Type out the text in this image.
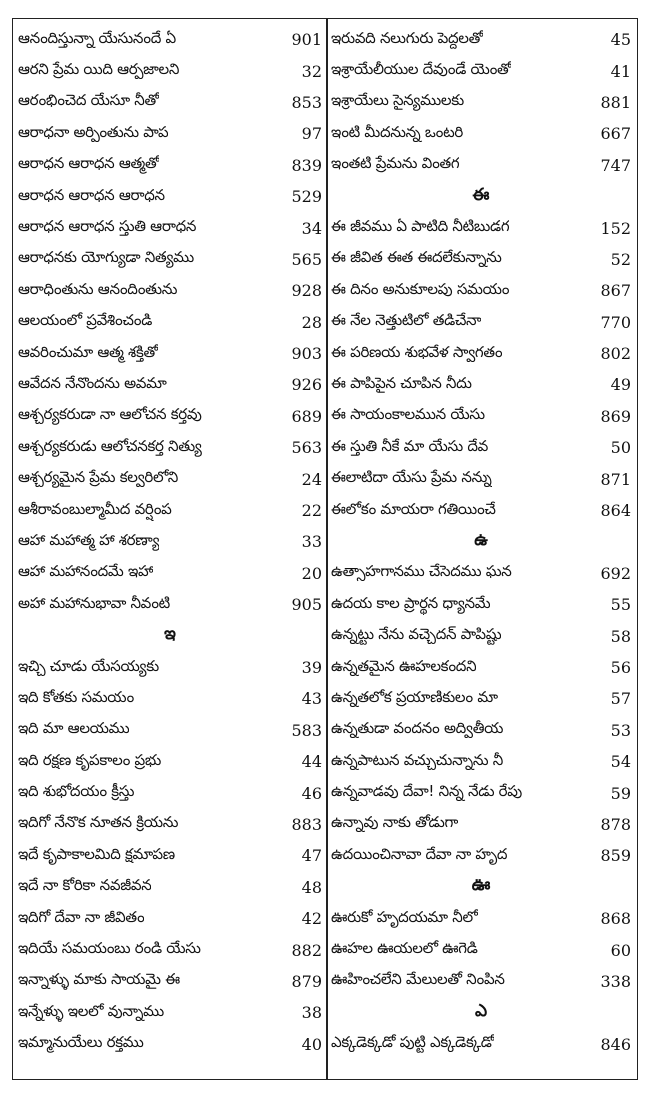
ఆనందిస్తున్నా యేసునందే ఏ	901
ఆరని ప్రేమ యిది ఆర్పజాలని	32
ఆరంభించెద యేసూ నీతో	853
ఆరాధనా అర్పింతును పాప	97
ఆరాధన ఆరాధన ఆత్మతో	839
ఆరాధన ఆరాధన ఆరాధన	529
ఆరాధన ఆరాధన స్తుతి ఆరాధన	34
ఆరాధనకు యోగ్యుడా నిత్యము	565
ఆరాధింతును ఆనందింతును	928
ఆలయంలో ప్రవేశించండి	28
ఆవరించుమా ఆత్మ శక్తితో	903
ఆవేదన నేనొందను అవమా	926
ఆశ్చర్యకరుడా నా ఆలోచన కర్తవు	689
ఆశ్చర్యకరుడు ఆలోచనకర్త నిత్యు	563
ఆశ్చర్యమైన ప్రేమ కల్వరిలోని	24
ఆశీరావంబుల్మామీద వర్షింప	22
ఆహా మహాత్మ హా శరణ్యా	33
ఆహా మహానందమే ఇహా	20
అహా మహానుభావా నీవంటి	905
ఇ
ఇచ్చి చూడు యేసయ్యకు	39
ఇది కోతకు సమయం	43
ఇది మా ఆలయము	583
ఇది రక్షణ కృపకాలం ప్రభు	44
ఇది శుభోదయం క్రీస్తు	46
ఇదిగో నేనొక నూతన క్రియను	883
ఇదే కృపాకాలమిది క్షమాపణ	47
ఇదే నా కోరికా నవజీవన	48
ఇదిగో దేవా నా జీవితం	42
ఇదియే సమయంబు రండి యేసు	882
ఇన్నాళ్ళు మాకు సాయమై ఈ	879
ఇన్నేళ్ళు ఇలలో వున్నాము	38
ఇమ్మానుయేలు రక్తము	40
ఇరువది నలుగురు పెద్దలతో	45
ఇశ్రాయేలీయుల దేవుండే యెంతో	41
ఇశ్రాయేలు సైన్యములకు	881
ఇంటి మీదనున్న ఒంటరి	667
ఇంతటి ప్రేమను వింతగ	747
ఈ
ఈ జీవము ఏ పాటిది నీటిబుడగ	152
ఈ జీవిత ఈత ఈదలేకున్నాను	52
ఈ దినం అనుకూలపు సమయం	867
ఈ నేల నెత్తుటిలో తడిచేనా	770
ఈ పరిణయ శుభవేళ స్వాగతం	802
ఈ పాపిపైన చూపిన నీదు	49
ఈ సాయంకాలమున యేసు	869
ఈ స్తుతి నీకే మా యేసు దేవ	50
ఈలాటిదా యేసు ప్రేమ నన్ను	871
ఈలోకం మాయరా గతియించే	864
ఉ
ఉత్సాహగానము చేసెదము ఘన	692
ఉదయ కాల ప్రార్థన ధ్యానమే	55
ఉన్నట్టు నేను వచ్చెదన్ పాపిష్టు	58
ఉన్నతమైన ఊహలకందని	56
ఉన్నతలోక ప్రయాణికులం మా	57
ఉన్నతుడా వందనం అద్వితీయ	53
ఉన్నపాటున వచ్చుచున్నాను నీ	54
ఉన్నవాడవు దేవా! నిన్న నేడు రేపు	59
ఉన్నావు నాకు తోడుగా	878
ఉదయించినావా దేవా నా హృద	859
ఊ
ఊరుకో హృదయమా నీలో	868
ఊహల ఊయలలో ఊగెడి	60
ఊహించలేని మేలులతో నింపిన	338
ఎ
ఎక్కడెక్కడో పుట్టి ఎక్కడెక్కడో	846
